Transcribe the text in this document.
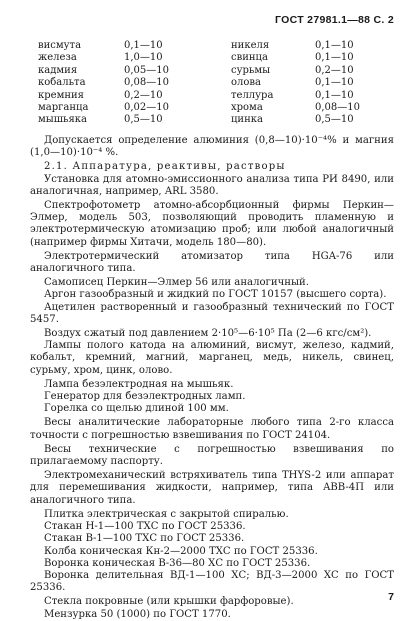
ГОСТ 27981.1—88 С. 2
висмута	0,1—10	никеля	0,1—10
железа	1,0—10	свинца	0,1—10
кадмия	0,05—10	сурьмы	0,2—10
кобальта	0,08—10	олова	0,1—10
кремния	0,2—10	теллура	0,1—10
марганца	0,02—10	хрома	0,08—10
мышьяка	0,5—10	цинка	0,5—10

Допускается определение алюминия (0,8—10)·10⁻⁴% и магния (1,0—10)·10⁻⁴ %.

2.1. Аппаратура, реактивы, растворы

Установка для атомно-эмиссионного анализа типа РИ 8490, или аналогичная, например, ARL 3580.

Спектрофотометр атомно-абсорбционный фирмы Перкин—Элмер, модель 503, позволяющий проводить пламенную и электротермическую атомизацию проб; или любой аналогичный (например фирмы Хитачи, модель 180—80).

Электротермический атомизатор типа HGA-76 или аналогичного типа.

Самописец Перкин—Элмер 56 или аналогичный.

Аргон газообразный и жидкий по ГОСТ 10157 (высшего сорта).

Ацетилен растворенный и газообразный технический по ГОСТ 5457.

Воздух сжатый под давлением 2·10⁵—6·10⁵ Па (2—6 кгс/см²).

Лампы полого катода на алюминий, висмут, железо, кадмий, кобальт, кремний, магний, марганец, медь, никель, свинец, сурьму, хром, цинк, олово.

Лампа безэлектродная на мышьяк.

Генератор для безэлектродных ламп.

Горелка со щелью длиной 100 мм.

Весы аналитические лабораторные любого типа 2-го класса точности с погрешностью взвешивания по ГОСТ 24104.

Весы технические с погрешностью взвешивания по прилагаемому паспорту.

Электромеханический встряхиватель типа THYS-2 или аппарат для перемешивания жидкости, например, типа ABB-4П или аналогичного типа.

Плитка электрическая с закрытой спиралью.

Стакан Н-1—100 ТХС по ГОСТ 25336.

Стакан В-1—100 ТХС по ГОСТ 25336.

Колба коническая Кн-2—2000 ТХС по ГОСТ 25336.

Воронка коническая В-36—80 ХС по ГОСТ 25336.

Воронка делительная ВД-1—100 ХС; ВД-3—2000 ХС по ГОСТ 25336.

Стекла покровные (или крышки фарфоровые).

Мензурка 50 (1000) по ГОСТ 1770.

7
